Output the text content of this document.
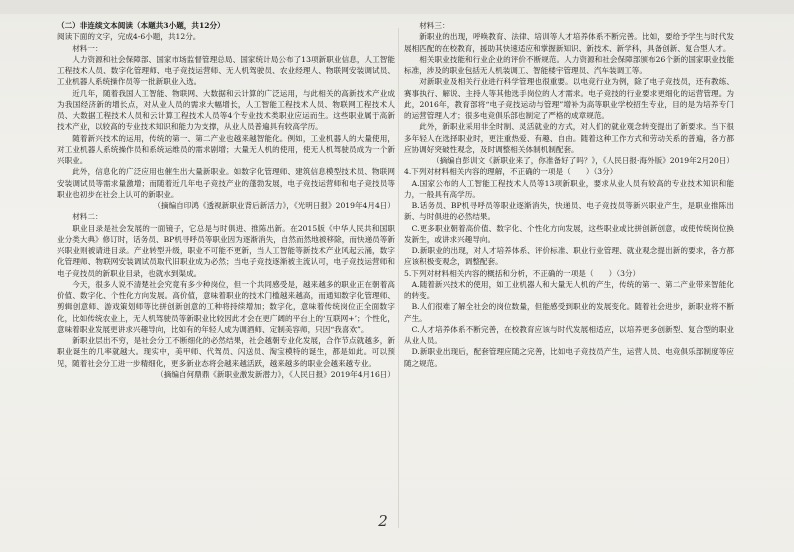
（二）非连续文本阅读（本题共3小题，共12分）

阅读下面的文字，完成4-6小题，共12分。

材料一：

人力资源和社会保障部、国家市场监督管理总局、国家统计局公布了13项新职业信息，人工智能工程技术人员、数字化管理师、电子竞技运营师、无人机驾驶员、农业经理人、物联网安装调试员、工业机器人系统操作员等一批新职业入选。

近几年，随着我国人工智能、物联网、大数据和云计算的广泛运用，与此相关的高新技术产业成为我国经济新的增长点，对从业人员的需求大幅增长，人工智能工程技术人员、物联网工程技术人员、大数据工程技术人员和云计算工程技术人员等4个专业技术类职业应运而生。这些职业属于高新技术产业，以较高的专业技术知识和能力为支撑，从业人员普遍具有较高学历。

随着新兴技术的运用，传统的第一、第二产业也越来越智能化。例如，工业机器人的大量使用，对工业机器人系统操作员和系统运维员的需求剧增；大量无人机的使用，使无人机驾驶员成为一个新兴职业。

此外，信息化的广泛应用也催生出大量新职业。如数字化管理师、建筑信息模型技术员、物联网安装调试员等需求量激增；而随着近几年电子竞技产业的蓬勃发展，电子竞技运营师和电子竞技员等职业也初步在社会上认可的新职业。

（摘编自印鸿《透视新职业背后新活力》，《光明日报》2019年4月4日）

材料二：

职业目录是社会发展的一面镜子，它总是与时俱进、推陈出新。在2015版《中华人民共和国职业分类大典》修订时，话务员、BP机寻呼员等职业因为逐渐消失，自然而然地被移除，而快递员等新兴职业则被请进目录。产业转型升级，职业不可能不更新，当人工智能等新技术产业风起云涌，数字化管理师、物联网安装调试员取代旧职业成为必然；当电子竞技逐渐被主流认可，电子竞技运营师和电子竞技员的新职业目录，也就水到渠成。

今天，很多人说不清楚社会究竟有多少种岗位，但一个共同感受是，越来越多的职业正在朝着高价值、数字化、个性化方向发展。高价值，意味着职业的技术门槛越来越高，而通知数字化管理师、剪辑创意师、游戏策划师等比拼创新创意的工种将持续增加；数字化，意味着传统岗位正全面数字化，比如传统农业上，无人机驾驶员等新职业比较因此才会在更广阔的平台上的‘互联网+’；个性化，意味着职业发展更讲求兴趣导向，比如有的年轻人成为调酒师、定制美容师，只因“我喜欢”。

新职业层出不穷，是社会分工不断细化的必然结果，社会越朝专业化发展，合作节点就越多，新职业诞生的几率就越大。现实中，美甲师、代驾员、闪送员、淘宝模特的诞生，都是如此。可以预见，随着社会分工进一步精细化，更多新业态将会越来越活跃，越来越多的职业会越来越专业。

（摘编自何鼎鼎《新职业激发新潜力》，《人民日报》2019年4月16日）

材料三：

新职业的出现，呼唤教育、法律、培训等人才培养体系不断完善。比如，要给予学生与时代发展相匹配的在校教育，援助其快速适应和掌握新知识、新技术、新学科，具备创新、复合型人才。

相关职业技能和行业企业的评价不断规范。人力资源和社会保障部颁布26个新的国家职业技能标准，涉及的职业包括无人机装调工、智能楼宇管理员、汽车装调工等。

对新职业及相关行业进行科学管理也很重要。以电竞行业为例，除了电子竞技员，还有教练、赛事执行、解说、主持人等其他选手岗位的人才需求。电子竞技的行业要求更细化的运营管理。为此，2016年，教育部将“电子竞技运动与管理”增补为高等职业学校招生专业，目的是为培养专门的运营管理人才；很多电竞俱乐部也制定了严格的成章规范。

此外，新职业采用非全时制、灵活就业的方式，对人们的就业观念转变提出了新要求。当下很多年轻人在选择职业时，更注重热爱、有趣、自由。随着这种工作方式和劳动关系的普遍，各方都应协调好突破性观念，及时调整相关体制机制配套。

（摘编自彭训文《新职业来了，你准备好了吗？》，《人民日报·海外版》2019年2月20日）

4.下列对材料相关内容的理解，不正确的一项是（　　）（3分）

A.国家公布的人工智能工程技术人员等13项新职业，要求从业人员有较高的专业技术知识和能力，一般具有高学历。

B.话务员、BP机寻呼员等职业逐渐消失，快递员、电子竞技员等新兴职业产生，是职业推陈出新、与时俱进的必然结果。

C.更多职业朝着高价值、数字化、个性化方向发展，这些职业或比拼创新创意，或使传统岗位换发新生，或讲求兴趣导向。

D.新职业的出现，对人才培养体系、评价标准、职业行业管理、就业观念提出新的要求，各方都应该积极变观念，调整配套。

5.下列对材料相关内容的概括和分析，不正确的一项是（　　）（3分）

A.随着新兴技术的使用，如工业机器人和大量无人机的产生，传统的第一、第二产业带来智能化的转变。

B.人们很难了解全社会的岗位数量，但能感受到职业的发展变化。随着社会进步，新职业将不断产生。

C.人才培养体系不断完善，在校教育应该与时代发展相适应，以培养更多创新型、复合型的职业从业人员。

D.新职业出现后，配套管理应随之完善，比如电子竞技员产生，运营人员、电竞俱乐部制度等应随之规范。

2
